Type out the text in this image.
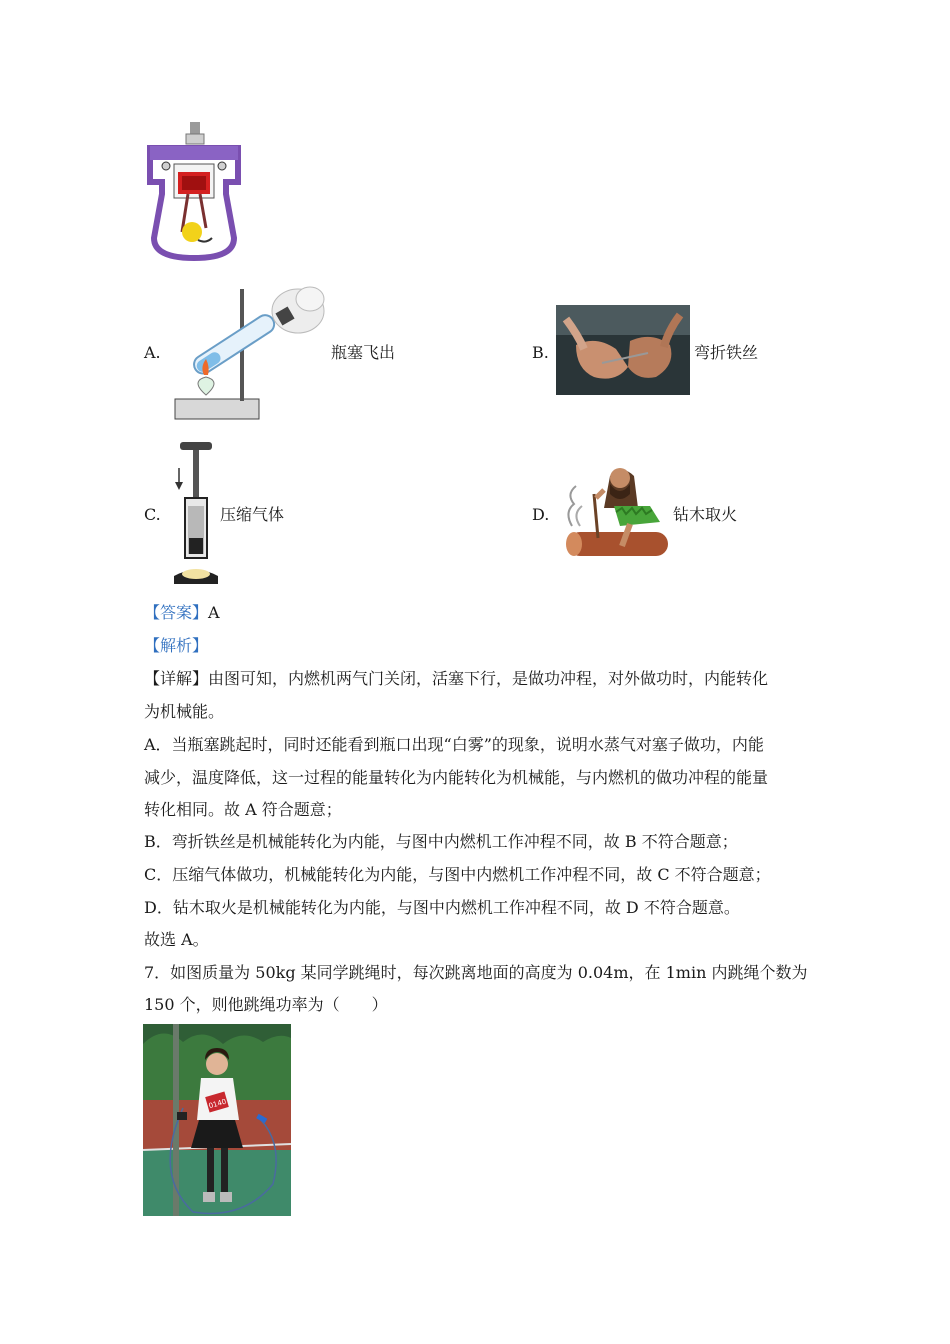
A.	瓶塞飞出	B.	弯折铁丝
C.	压缩气体	D.	钻木取火
【答案】A
【解析】
【详解】由图可知，内燃机两气门关闭，活塞下行，是做功冲程，对外做功时，内能转化
为机械能。
A．当瓶塞跳起时，同时还能看到瓶口出现“白雾”的现象，说明水蒸气对塞子做功，内能
减少，温度降低，这一过程的能量转化为内能转化为机械能，与内燃机的做功冲程的能量
转化相同。故 A 符合题意；
B．弯折铁丝是机械能转化为内能，与图中内燃机工作冲程不同，故 B 不符合题意；
C．压缩气体做功，机械能转化为内能，与图中内燃机工作冲程不同，故 C 不符合题意；
D．钻木取火是机械能转化为内能，与图中内燃机工作冲程不同，故 D 不符合题意。
故选 A。
7．如图质量为 50kg 某同学跳绳时，每次跳离地面的高度为 0.04m，在 1min 内跳绳个数为
150 个，则他跳绳功率为（　　）
0140
